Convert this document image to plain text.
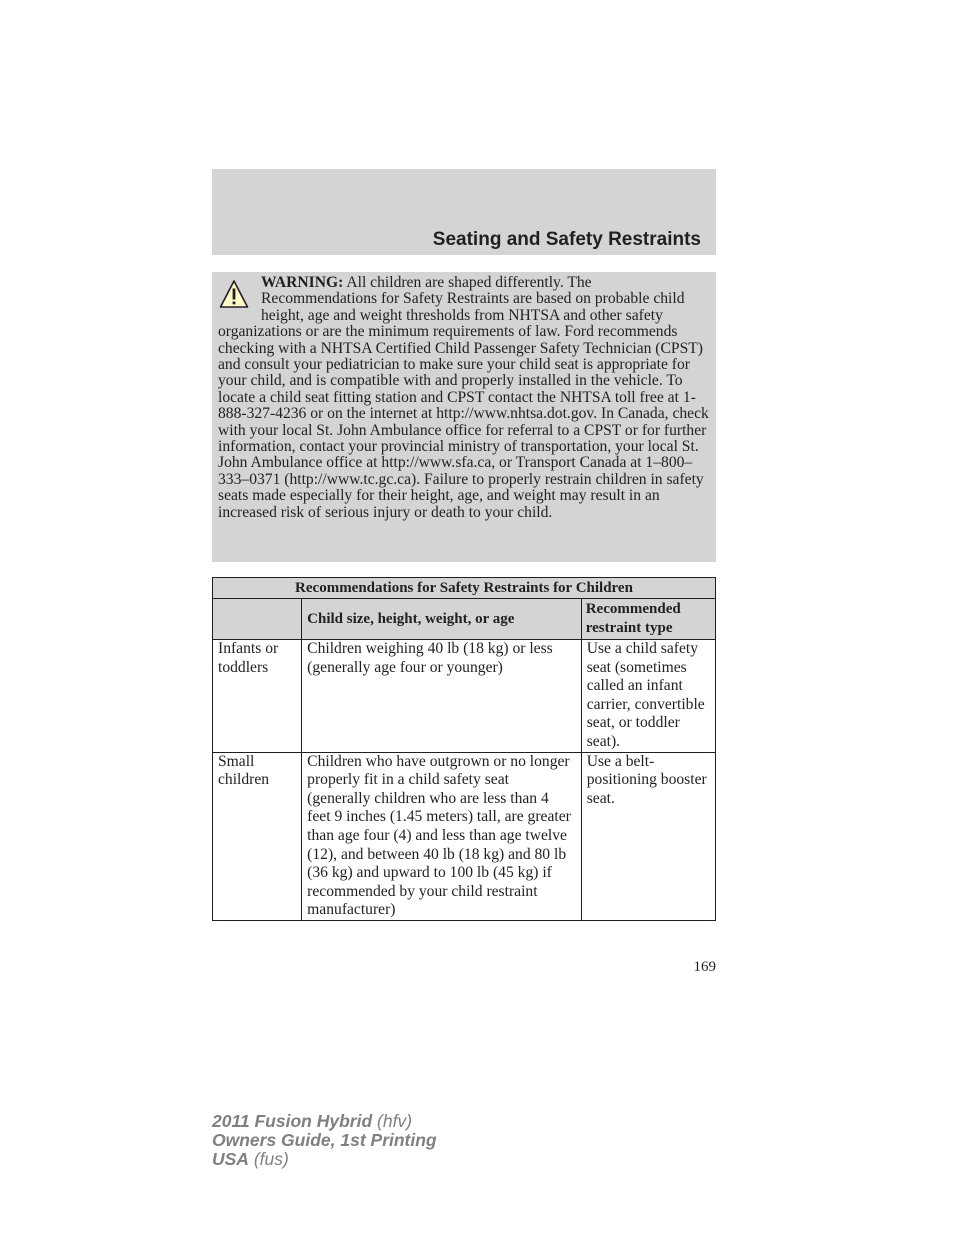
Seating and Safety Restraints

WARNING: All children are shaped differently. The Recommendations for Safety Restraints are based on probable child height, age and weight thresholds from NHTSA and other safety organizations or are the minimum requirements of law. Ford recommends checking with a NHTSA Certified Child Passenger Safety Technician (CPST) and consult your pediatrician to make sure your child seat is appropriate for your child, and is compatible with and properly installed in the vehicle. To locate a child seat fitting station and CPST contact the NHTSA toll free at 1-888-327-4236 or on the internet at http://www.nhtsa.dot.gov. In Canada, check with your local St. John Ambulance office for referral to a CPST or for further information, contact your provincial ministry of transportation, your local St. John Ambulance office at http://www.sfa.ca, or Transport Canada at 1–800–333–0371 (http://www.tc.gc.ca). Failure to properly restrain children in safety seats made especially for their height, age, and weight may result in an increased risk of serious injury or death to your child.

Recommendations for Safety Restraints for Children		
	Child size, height, weight, or age	Recommended restraint type
Infants or toddlers	Children weighing 40 lb (18 kg) or less (generally age four or younger)	Use a child safety seat (sometimes called an infant carrier, convertible seat, or toddler seat).
Small children	Children who have outgrown or no longer properly fit in a child safety seat (generally children who are less than 4 feet 9 inches (1.45 meters) tall, are greater than age four (4) and less than age twelve (12), and between 40 lb (18 kg) and 80 lb (36 kg) and upward to 100 lb (45 kg) if recommended by your child restraint manufacturer)	Use a belt-positioning booster seat.
169
2011 Fusion Hybrid (hfv)
Owners Guide, 1st Printing
USA (fus)
